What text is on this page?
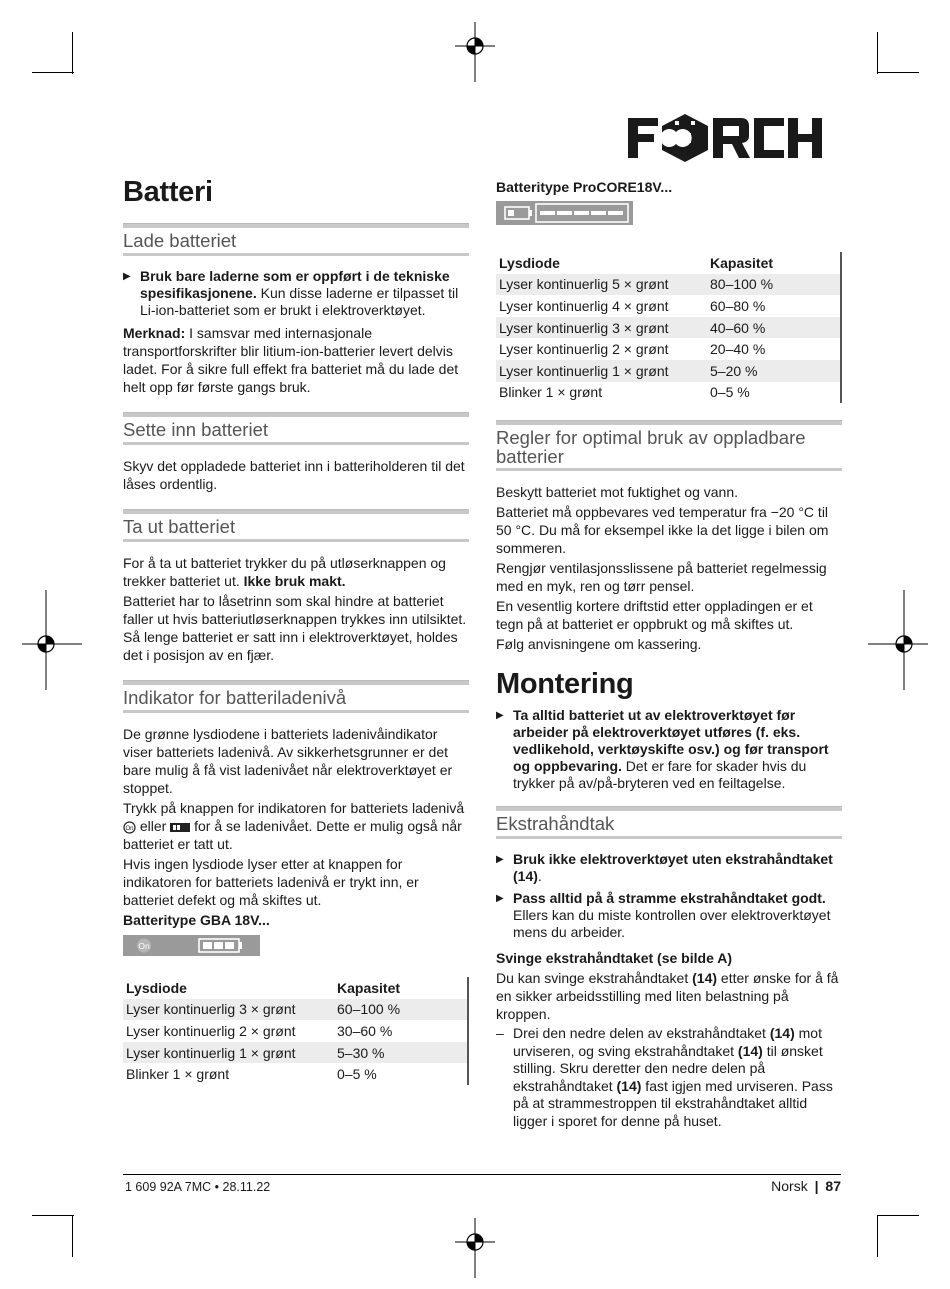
Batteri
Lade batteriet
▶ Bruk bare laderne som er oppført i de tekniske spesifikasjonene. Kun disse laderne er tilpasset til Li-ion-batteriet som er brukt i elektroverktøyet.

Merknad: I samsvar med internasjonale transportforskrifter blir litium-ion-batterier levert delvis ladet. For å sikre full effekt fra batteriet må du lade det helt opp før første gangs bruk.

Sette inn batteriet

Skyv det oppladede batteriet inn i batteriholderen til det låses ordentlig.

Ta ut batteriet

For å ta ut batteriet trykker du på utløserknappen og trekker batteriet ut. Ikke bruk makt.

Batteriet har to låsetrinn som skal hindre at batteriet faller ut hvis batteriutløserknappen trykkes inn utilsiktet. Så lenge batteriet er satt inn i elektroverktøyet, holdes det i posisjon av en fjær.

Indikator for batteriladenivå

De grønne lysdiodene i batteriets ladenivåindikator viser batteriets ladenivå. Av sikkerhetsgrunner er det bare mulig å få vist ladenivået når elektroverktøyet er stoppet.

Trykk på knappen for indikatoren for batteriets ladenivå
On eller  for å se ladenivået. Dette er mulig også når batteriet er tatt ut.

Hvis ingen lysdiode lyser etter at knappen for indikatoren for batteriets ladenivå er trykt inn, er batteriet defekt og må skiftes ut.

Batteritype GBA 18V...
On
Lysdiode	Kapasitet
Lyser kontinuerlig 3 × grønt	60–100 %
Lyser kontinuerlig 2 × grønt	30–60 %
Lyser kontinuerlig 1 × grønt	5–30 %
Blinker 1 × grønt	0–5 %
Batteritype ProCORE18V...
Lysdiode	Kapasitet
Lyser kontinuerlig 5 × grønt	80–100 %
Lyser kontinuerlig 4 × grønt	60–80 %
Lyser kontinuerlig 3 × grønt	40–60 %
Lyser kontinuerlig 2 × grønt	20–40 %
Lyser kontinuerlig 1 × grønt	5–20 %
Blinker 1 × grønt	0–5 %
Regler for optimal bruk av oppladbare batterier

Beskytt batteriet mot fuktighet og vann.

Batteriet må oppbevares ved temperatur fra −20 °C til 50 °C. Du må for eksempel ikke la det ligge i bilen om sommeren.

Rengjør ventilasjonsslissene på batteriet regelmessig med en myk, ren og tørr pensel.

En vesentlig kortere driftstid etter oppladingen er et tegn på at batteriet er oppbrukt og må skiftes ut.

Følg anvisningene om kassering.

Montering
▶ Ta alltid batteriet ut av elektroverktøyet før arbeider på elektroverktøyet utføres (f. eks. vedlikehold, verktøyskifte osv.) og før transport og oppbevaring. Det er fare for skader hvis du trykker på av/på-bryteren ved en feiltagelse.
Ekstrahåndtak
▶ Bruk ikke elektroverktøyet uten ekstrahåndtaket (14).
▶ Pass alltid på å stramme ekstrahåndtaket godt. Ellers kan du miste kontrollen over elektroverktøyet mens du arbeider.
Svinge ekstrahåndtaket (se bilde A)

Du kan svinge ekstrahåndtaket (14) etter ønske for å få en sikker arbeidsstilling med liten belastning på kroppen.

– Drei den nedre delen av ekstrahåndtaket (14) mot urviseren, og sving ekstrahåndtaket (14) til ønsket stilling. Skru deretter den nedre delen på ekstrahåndtaket (14) fast igjen med urviseren. Pass på at strammestroppen til ekstrahåndtaket alltid ligger i sporet for denne på huset.
1 609 92A 7MC • 28.11.22	Norsk | 87
